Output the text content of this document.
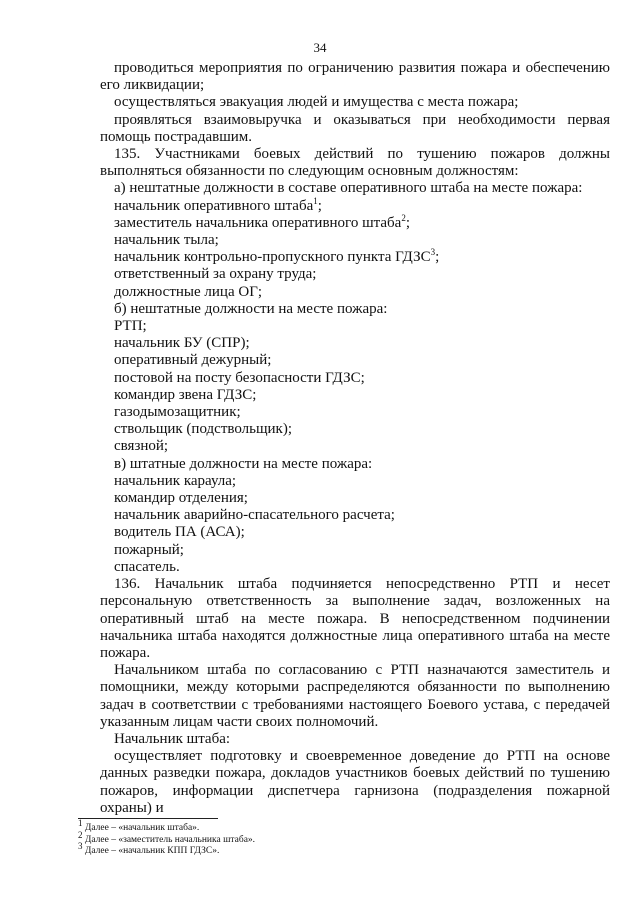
34

проводиться мероприятия по ограничению развития пожара и обеспечению его ликвидации;

осуществляться эвакуация людей и имущества с места пожара;

проявляться взаимовыручка и оказываться при необходимости первая помощь пострадавшим.

135. Участниками боевых действий по тушению пожаров должны выполняться обязанности по следующим основным должностям:

а) нештатные должности в составе оперативного штаба на месте пожара:

начальник оперативного штаба$^1$;

заместитель начальника оперативного штаба$^2$;

начальник тыла;

начальник контрольно-пропускного пункта ГДЗС$^3$;

ответственный за охрану труда;

должностные лица ОГ;

б) нештатные должности на месте пожара:

РТП;

начальник БУ (СПР);

оперативный дежурный;

постовой на посту безопасности ГДЗС;

командир звена ГДЗС;

газодымозащитник;

ствольщик (подствольщик);

связной;

в) штатные должности на месте пожара:

начальник караула;

командир отделения;

начальник аварийно-спасательного расчета;

водитель ПА (АСА);

пожарный;

спасатель.

136. Начальник штаба подчиняется непосредственно РТП и несет персональную ответственность за выполнение задач, возложенных на оперативный штаб на месте пожара. В непосредственном подчинении начальника штаба находятся должностные лица оперативного штаба на месте пожара.

Начальником штаба по согласованию с РТП назначаются заместитель и помощники, между которыми распределяются обязанности по выполнению задач в соответствии с требованиями настоящего Боевого устава, с передачей указанным лицам части своих полномочий.

Начальник штаба:

осуществляет подготовку и своевременное доведение до РТП на основе данных разведки пожара, докладов участников боевых действий по тушению пожаров, информации диспетчера гарнизона (подразделения пожарной охраны) и

$^1$ Далее – «начальник штаба».

$^2$ Далее – «заместитель начальника штаба».

$^3$ Далее – «начальник КПП ГДЗС».
